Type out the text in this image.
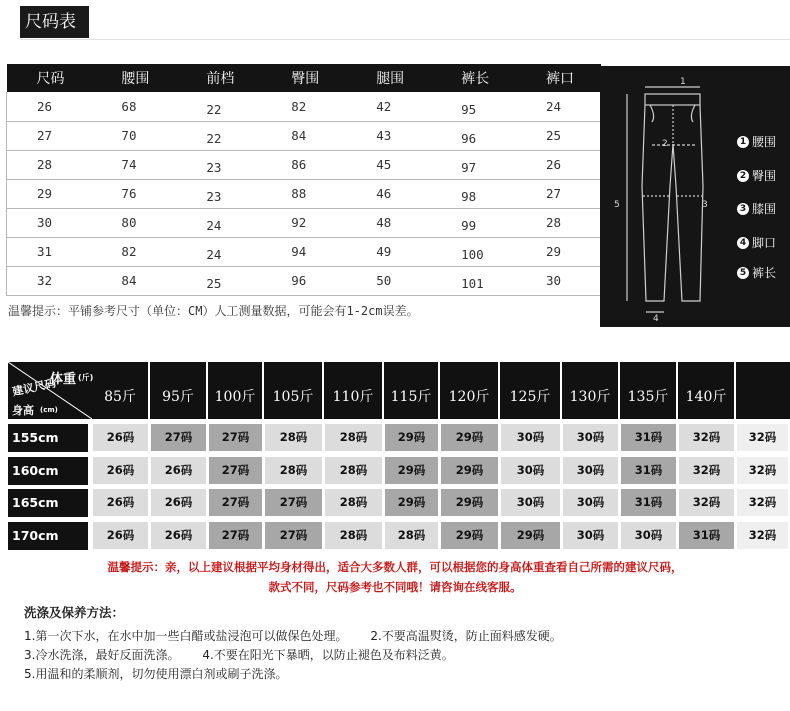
尺码表
尺码	腰围	前档	臀围	腿围	裤长	裤口
26	68	22	82	42	95	24
27	70	22	84	43	96	25
28	74	23	86	45	97	26
29	76	23	88	46	98	27
30	80	24	92	48	99	28
31	82	24	94	49	100	29
32	84	25	96	50	101	30
温馨提示：平铺参考尺寸（单位：CM）人工测量数据，可能会有1-2cm误差。
1
2
3
4
5
1 腰围
2 臀围
3 膝围
4 脚口
5 裤长
体重 (斤)
建议尺码
身高 (cm)
85斤	95斤	100斤	105斤	110斤	115斤	120斤	125斤	130斤	135斤	140斤
155cm	26码	27码	27码	28码	28码	29码	29码	30码	30码	31码	32码	32码
160cm	26码	26码	27码	28码	28码	29码	29码	30码	30码	31码	32码	32码
165cm	26码	26码	27码	27码	28码	29码	29码	30码	30码	31码	32码	32码
170cm	26码	26码	27码	27码	28码	28码	29码	29码	30码	30码	31码	32码
温馨提示：亲，以上建议根据平均身材得出，适合大多数人群，可以根据您的身高体重查看自己所需的建议尺码，
款式不同，尺码参考也不同哦！请咨询在线客服。
洗涤及保养方法：
1.第一次下水，在水中加一些白醋或盐浸泡可以做保色处理。      2.不要高温熨烫，防止面料感发硬。
3.冷水洗涤，最好反面洗涤。      4.不要在阳光下暴晒，以防止褪色及布料泛黄。
5.用温和的柔顺剂，切勿使用漂白剂或刷子洗涤。
